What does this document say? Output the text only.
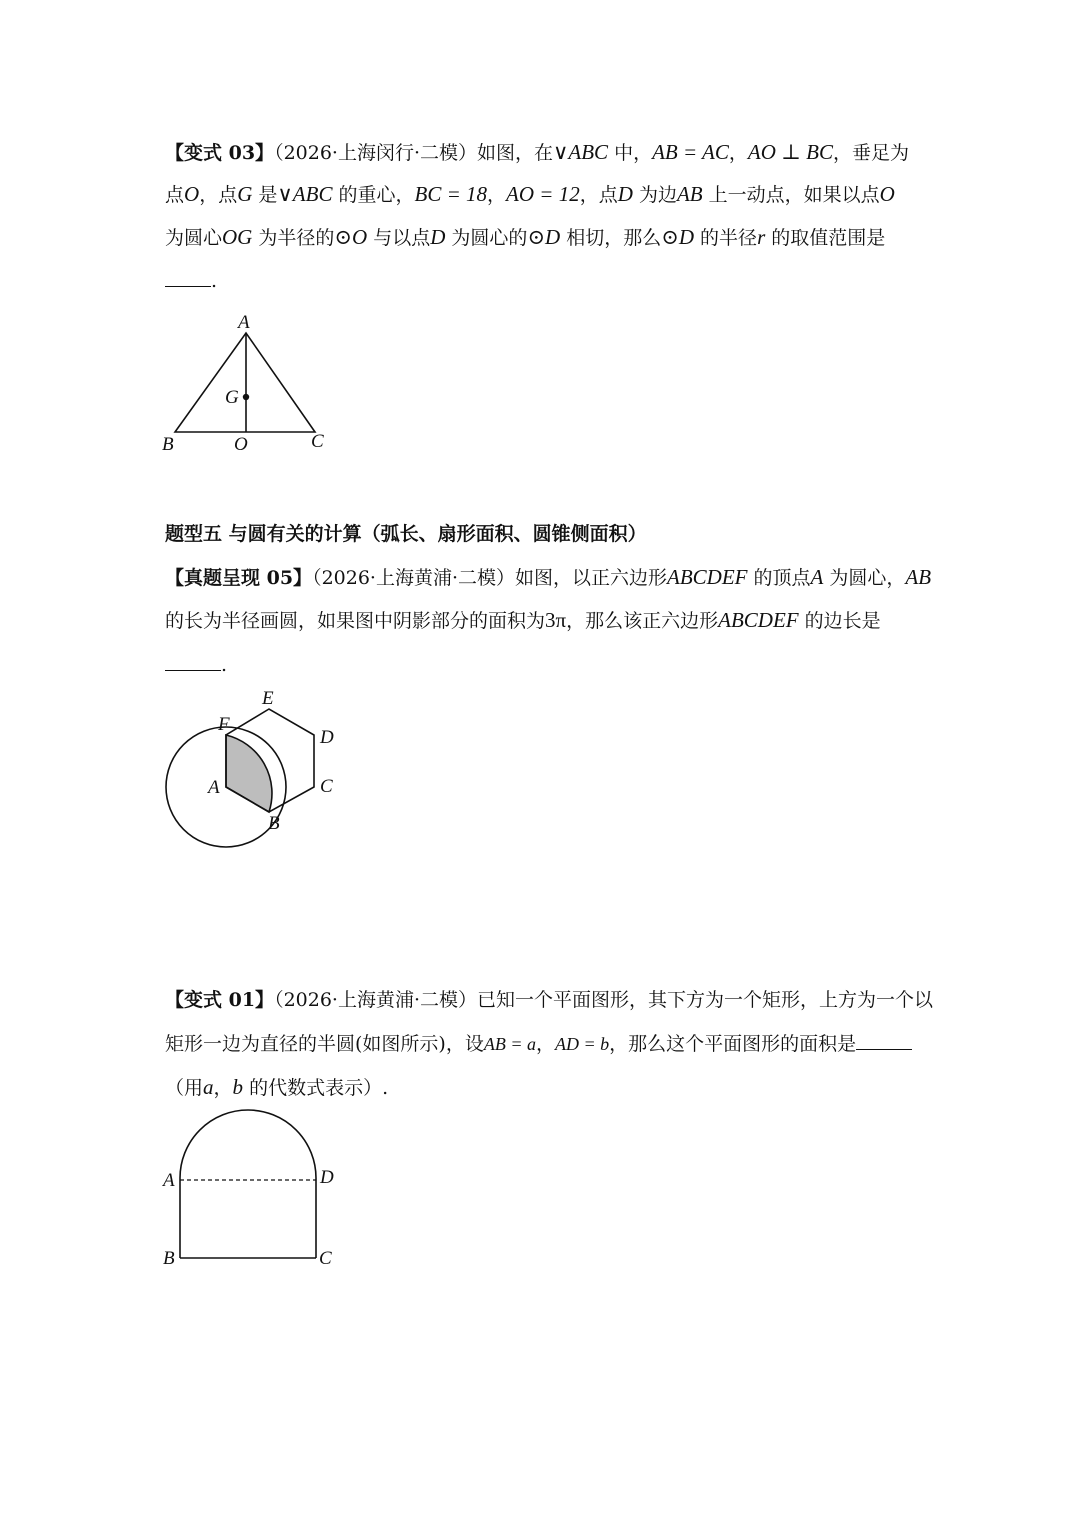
【变式 03】（2026·上海闵行·二模）如图，在∨ABC 中，AB = AC，AO ⊥ BC，垂足为
点O，点G 是∨ABC 的重心，BC = 18，AO = 12，点D 为边AB 上一动点，如果以点O
为圆心OG 为半径的⊙O 与以点D 为圆心的⊙D 相切，那么⊙D 的半径r 的取值范围是
.
A
G
B	O	C
题型五 与圆有关的计算（弧长、扇形面积、圆锥侧面积）
【真题呈现 05】（2026·上海黄浦·二模）如图，以正六边形ABCDEF 的顶点A 为圆心，AB
的长为半径画圆，如果图中阴影部分的面积为3π，那么该正六边形ABCDEF 的边长是
.
E
F
D
A	C
B
【变式 01】（2026·上海黄浦·二模）已知一个平面图形，其下方为一个矩形，上方为一个以
矩形一边为直径的半圆(如图所示)，设AB = a，AD = b，那么这个平面图形的面积是
（用a，b 的代数式表示）.
A	D
B	C
